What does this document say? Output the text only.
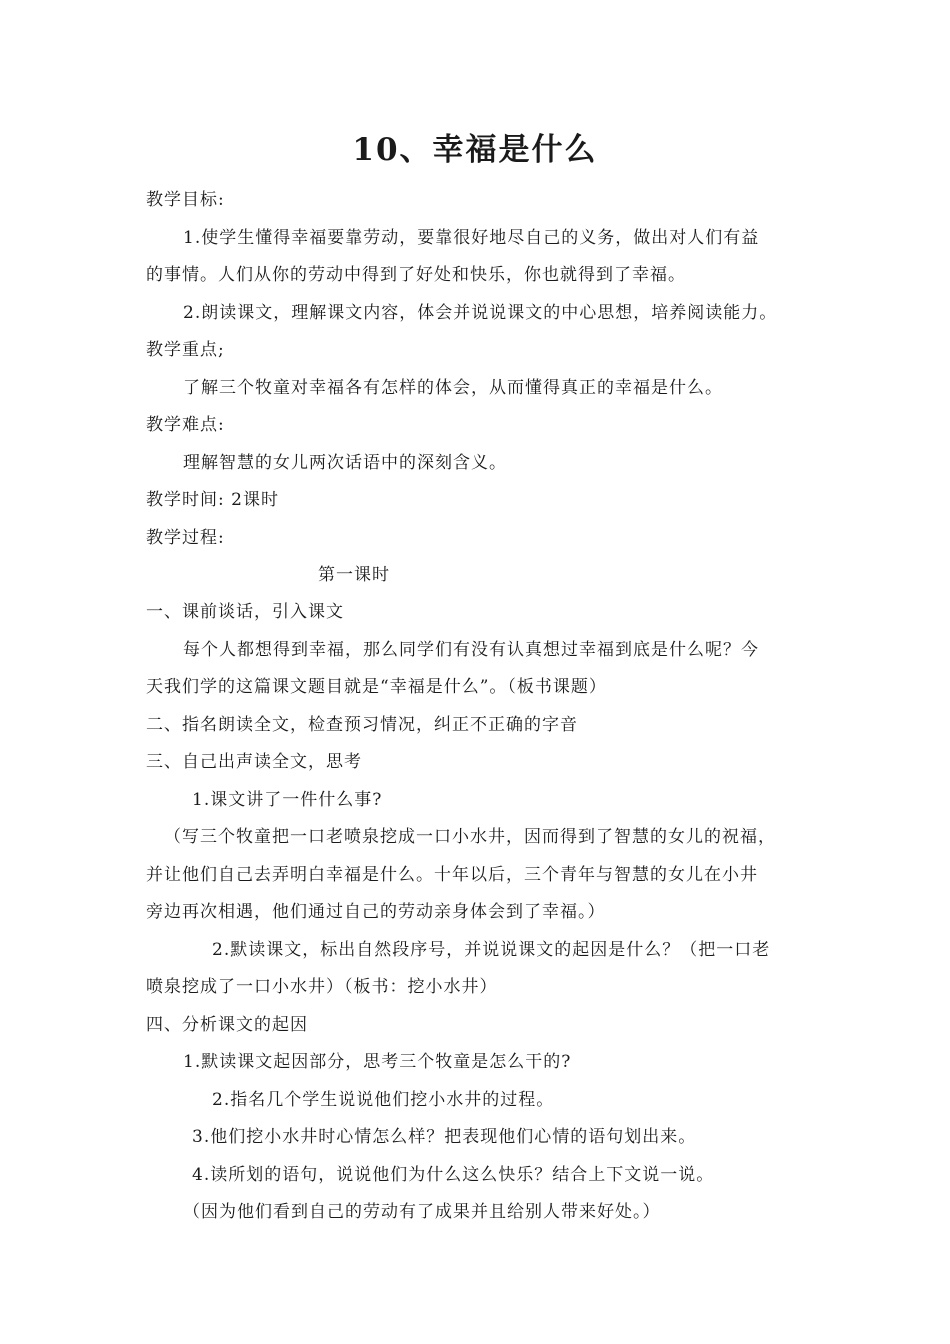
10、幸福是什么
教学目标:
1.使学生懂得幸福要靠劳动，要靠很好地尽自己的义务，做出对人们有益
的事情。人们从你的劳动中得到了好处和快乐，你也就得到了幸福。
2.朗读课文，理解课文内容，体会并说说课文的中心思想，培养阅读能力。
教学重点;
了解三个牧童对幸福各有怎样的体会，从而懂得真正的幸福是什么。
教学难点:
理解智慧的女儿两次话语中的深刻含义。
教学时间: 2课时
教学过程:
第一课时
一、课前谈话，引入课文
每个人都想得到幸福，那么同学们有没有认真想过幸福到底是什么呢？今
天我们学的这篇课文题目就是“幸福是什么”。（板书课题）
二、指名朗读全文，检查预习情况，纠正不正确的字音
三、自己出声读全文，思考
1.课文讲了一件什么事?
（写三个牧童把一口老喷泉挖成一口小水井，因而得到了智慧的女儿的祝福，
并让他们自己去弄明白幸福是什么。十年以后，三个青年与智慧的女儿在小井
旁边再次相遇，他们通过自己的劳动亲身体会到了幸福。）
2.默读课文，标出自然段序号，并说说课文的起因是什么？（把一口老
喷泉挖成了一口小水井）（板书：挖小水井）
四、分析课文的起因
1.默读课文起因部分，思考三个牧童是怎么干的?
2.指名几个学生说说他们挖小水井的过程。
3.他们挖小水井时心情怎么样？把表现他们心情的语句划出来。
4.读所划的语句，说说他们为什么这么快乐？结合上下文说一说。
（因为他们看到自己的劳动有了成果并且给别人带来好处。）
